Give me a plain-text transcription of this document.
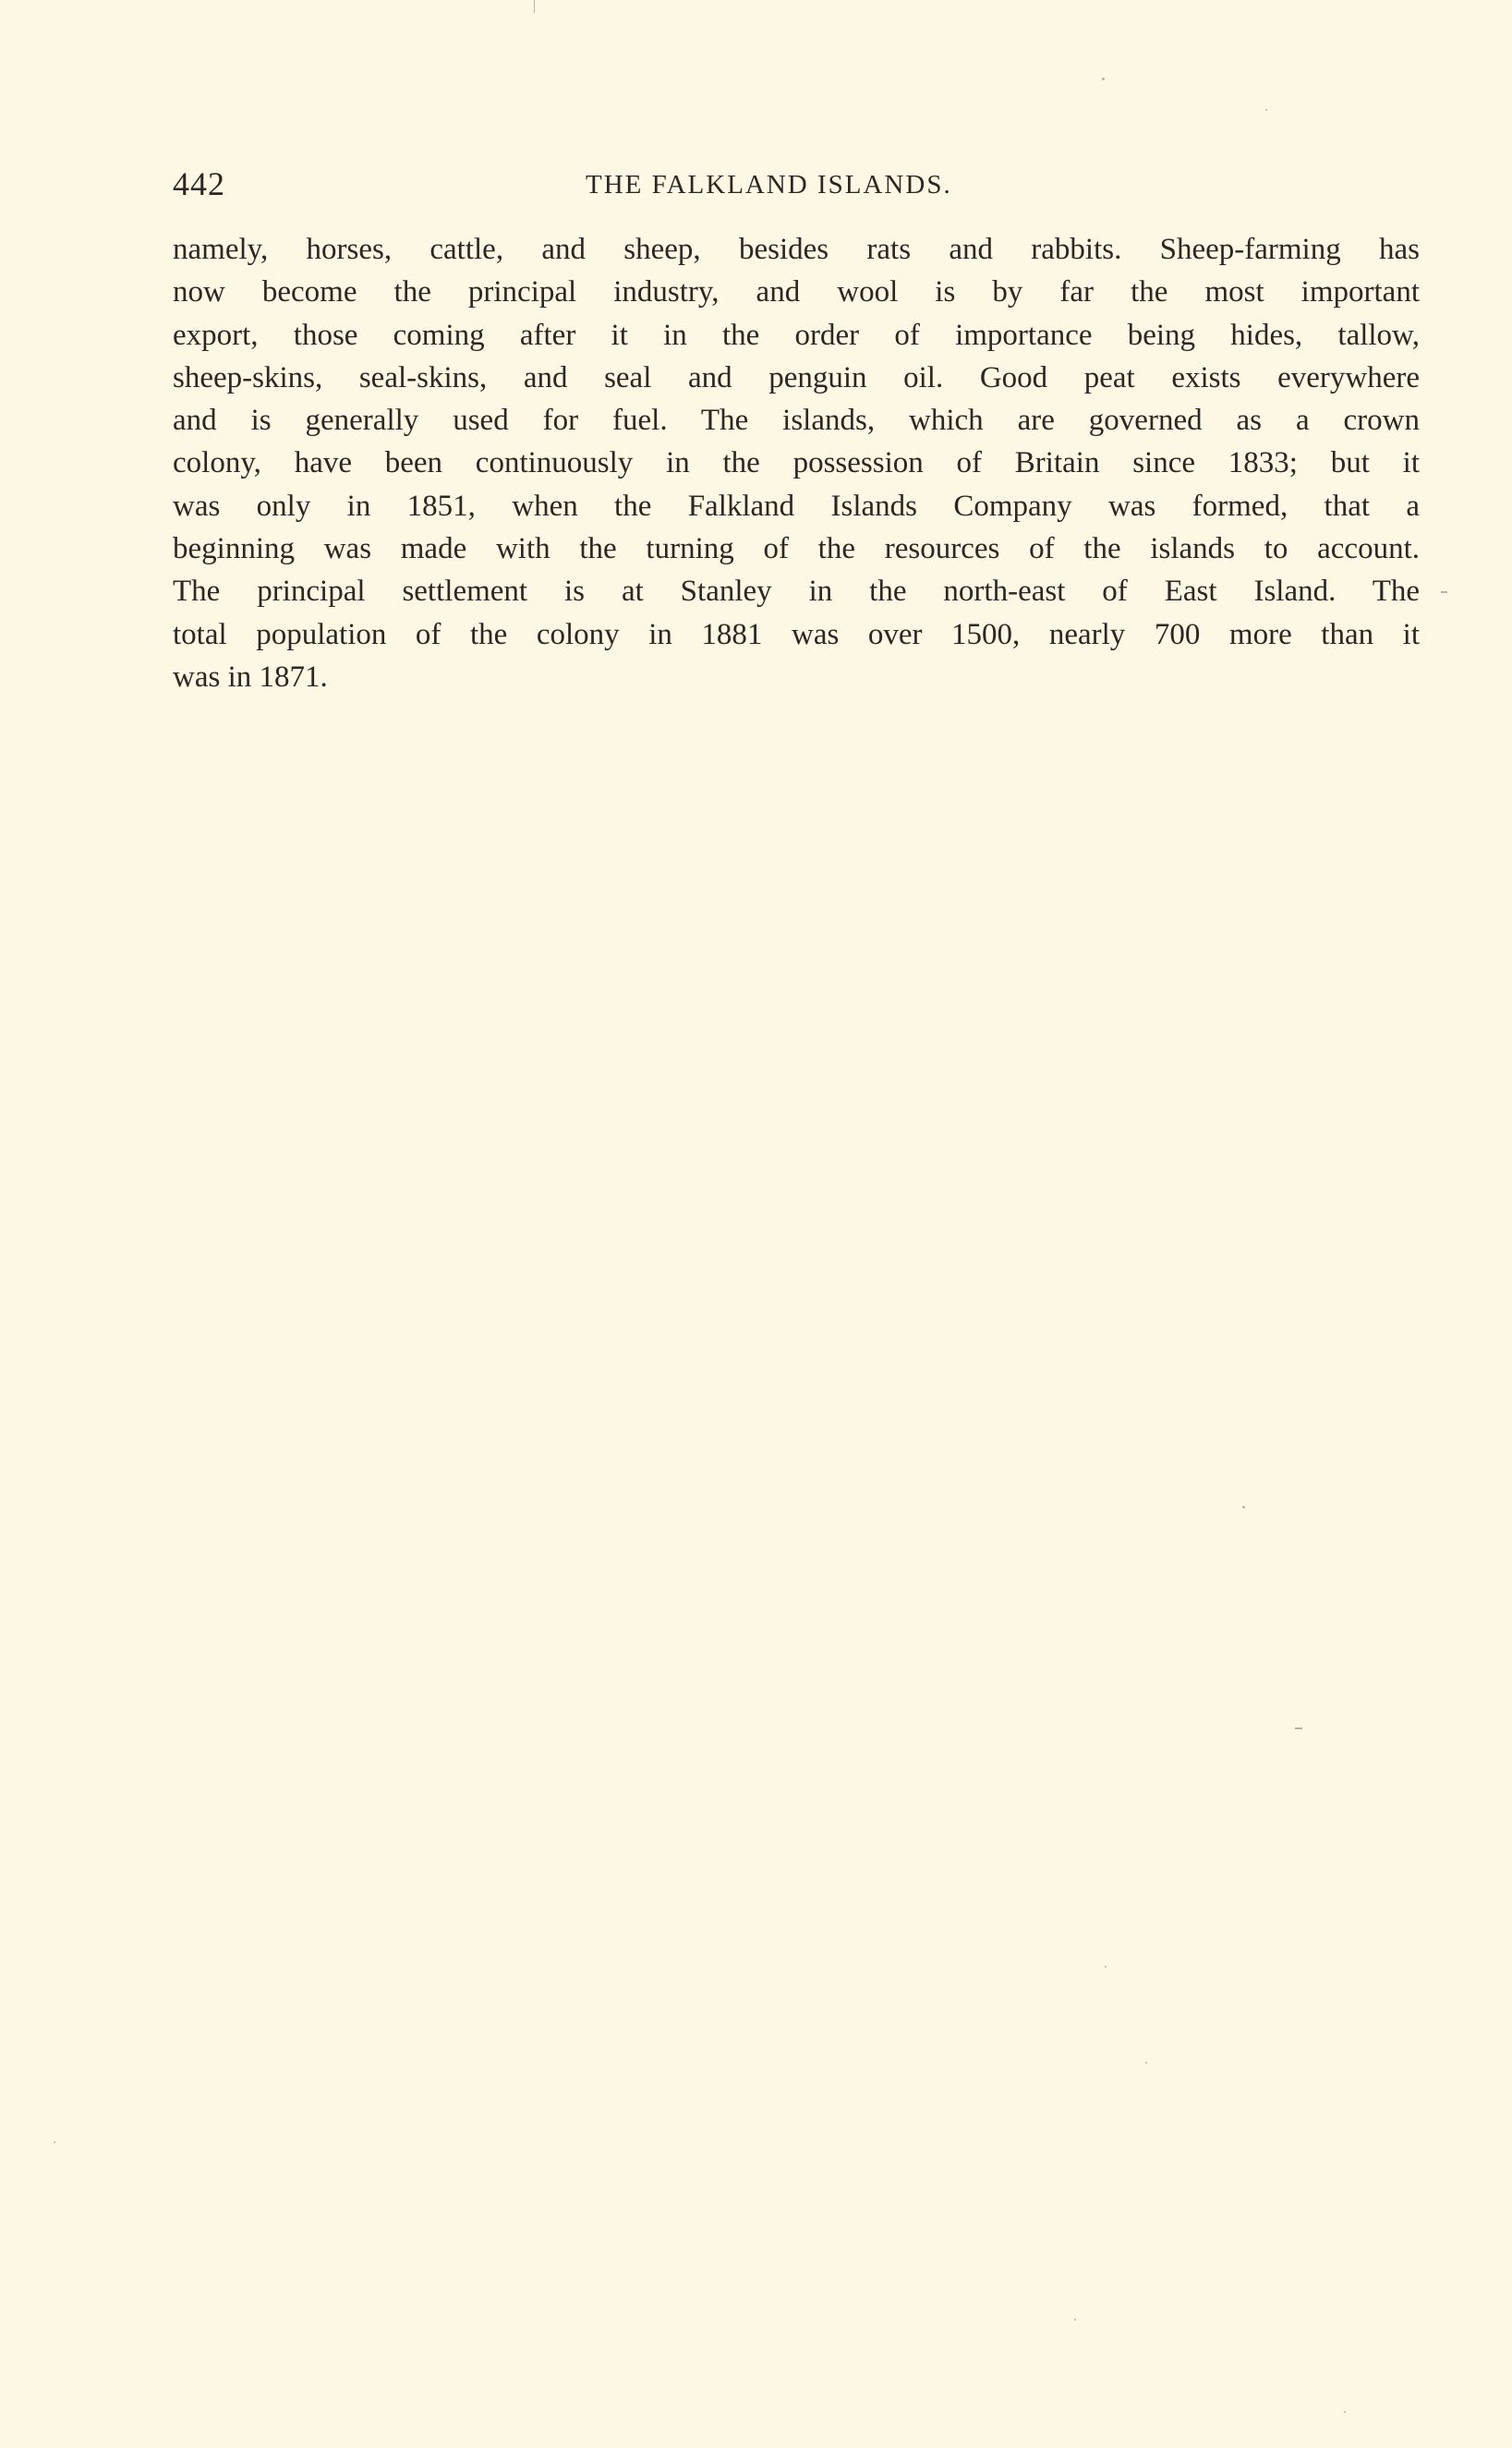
442	THE FALKLAND ISLANDS.
namely, horses, cattle, and sheep, besides rats and rabbits. Sheep-farming has
now become the principal industry, and wool is by far the most important
export, those coming after it in the order of importance being hides, tallow,
sheep-skins, seal-skins, and seal and penguin oil. Good peat exists everywhere
and is generally used for fuel. The islands, which are governed as a crown
colony, have been continuously in the possession of Britain since 1833; but it
was only in 1851, when the Falkland Islands Company was formed, that a
beginning was made with the turning of the resources of the islands to account.
The principal settlement is at Stanley in the north-east of East Island. The
total population of the colony in 1881 was over 1500, nearly 700 more than it
was in 1871.
